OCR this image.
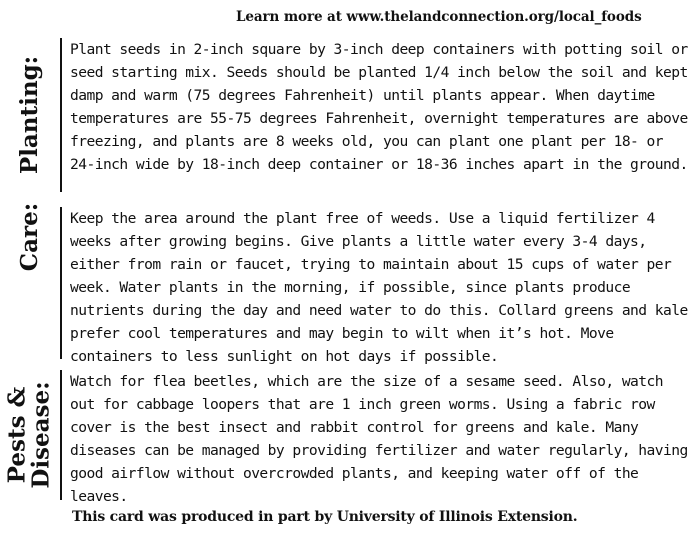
Learn more at www.thelandconnection.org/local_foods
Planting:
Plant seeds in 2-inch square by 3-inch deep containers with potting soil or seed starting mix. Seeds should be planted 1/4 inch below the soil and kept damp and warm (75 degrees Fahrenheit) until plants appear. When daytime temperatures are 55-75 degrees Fahrenheit, overnight temperatures are above freezing, and plants are 8 weeks old, you can plant one plant per 18- or 24-inch wide by 18-inch deep container or 18-36 inches apart in the ground.
Care:	Keep the area around the plant free of weeds. Use a liquid fertilizer 4 weeks after growing begins. Give plants a little water every 3-4 days, either from rain or faucet, trying to maintain about 15 cups of water per week. Water plants in the morning, if possible, since plants produce nutrients during the day and need water to do this. Collard greens and kale prefer cool temperatures and may begin to wilt when it’s hot. Move containers to less sunlight on hot days if possible.
Pests &
Disease:	Watch for flea beetles, which are the size of a sesame seed. Also, watch out for cabbage loopers that are 1 inch green worms. Using a fabric row cover is the best insect and rabbit control for greens and kale. Many diseases can be managed by providing fertilizer and water regularly, having good airflow without overcrowded plants, and keeping water off of the leaves.
This card was produced in part by University of Illinois Extension.
